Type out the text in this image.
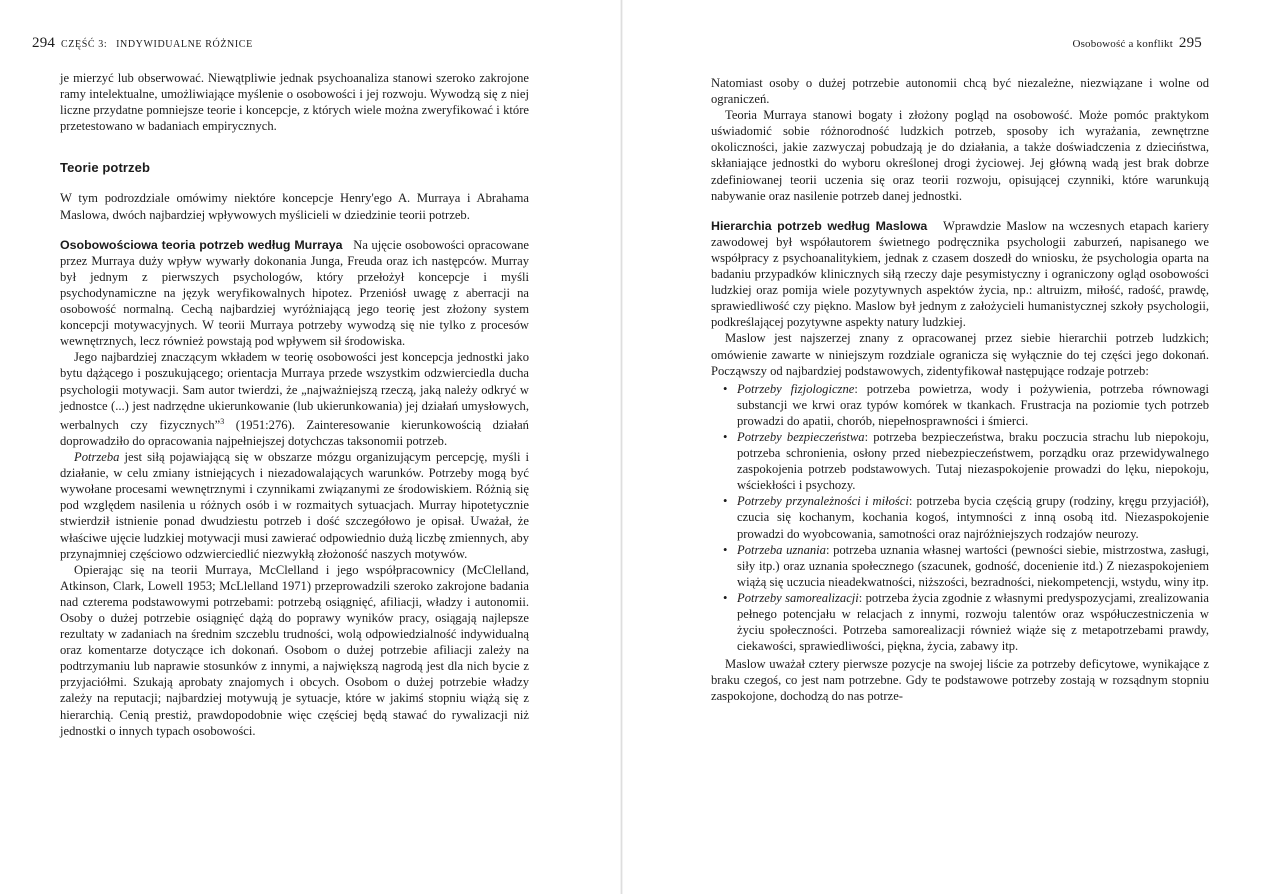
294 CZĘŚĆ 3: INDYWIDUALNE RÓŻNICE

je mierzyć lub obserwować. Niewątpliwie jednak psychoanaliza stanowi szeroko zakrojone ramy intelektualne, umożliwiające myślenie o osobowości i jej rozwoju. Wywodzą się z niej liczne przydatne pomniejsze teorie i koncepcje, z których wiele można zweryfikować i które przetestowano w badaniach empirycznych.

Teorie potrzeb

W tym podrozdziale omówimy niektóre koncepcje Henry'ego A. Murraya i Abrahama Maslowa, dwóch najbardziej wpływowych myślicieli w dziedzinie teorii potrzeb.

Osobowościowa teoria potrzeb według Murraya Na ujęcie osobowości opracowane przez Murraya duży wpływ wywarły dokonania Junga, Freuda oraz ich następców. Murray był jednym z pierwszych psychologów, który przełożył koncepcje i myśli psychodynamiczne na język weryfikowalnych hipotez. Przeniósł uwagę z aberracji na osobowość normalną. Cechą najbardziej wyróżniającą jego teorię jest złożony system koncepcji motywacyjnych. W teorii Murraya potrzeby wywodzą się nie tylko z procesów wewnętrznych, lecz również powstają pod wpływem sił środowiska.

Jego najbardziej znaczącym wkładem w teorię osobowości jest koncepcja jednostki jako bytu dążącego i poszukującego; orientacja Murraya przede wszystkim odzwierciedla ducha psychologii motywacji. Sam autor twierdzi, że „najważniejszą rzeczą, jaką należy odkryć w jednostce (...) jest nadrzędne ukierunkowanie (lub ukierunkowania) jej działań umysłowych, werbalnych czy fizycznych”$^3$ (1951:276). Zainteresowanie kierunkowością działań doprowadziło do opracowania najpełniejszej dotychczas taksonomii potrzeb.

Potrzeba jest siłą pojawiającą się w obszarze mózgu organizującym percepcję, myśli i działanie, w celu zmiany istniejących i niezadowalających warunków. Potrzeby mogą być wywołane procesami wewnętrznymi i czynnikami związanymi ze środowiskiem. Różnią się pod względem nasilenia u różnych osób i w rozmaitych sytuacjach. Murray hipotetycznie stwierdził istnienie ponad dwudziestu potrzeb i dość szczegółowo je opisał. Uważał, że właściwe ujęcie ludzkiej motywacji musi zawierać odpowiednio dużą liczbę zmiennych, aby przynajmniej częściowo odzwierciedlić niezwykłą złożoność naszych motywów.

Opierając się na teorii Murraya, McClelland i jego współpracownicy (McClelland, Atkinson, Clark, Lowell 1953; McLlelland 1971) przeprowadzili szeroko zakrojone badania nad czterema podstawowymi potrzebami: potrzebą osiągnięć, afiliacji, władzy i autonomii. Osoby o dużej potrzebie osiągnięć dążą do poprawy wyników pracy, osiągają najlepsze rezultaty w zadaniach na średnim szczeblu trudności, wolą odpowiedzialność indywidualną oraz komentarze dotyczące ich dokonań. Osobom o dużej potrzebie afiliacji zależy na podtrzymaniu lub naprawie stosunków z innymi, a największą nagrodą jest dla nich bycie z przyjaciółmi. Szukają aprobaty znajomych i obcych. Osobom o dużej potrzebie władzy zależy na reputacji; najbardziej motywują je sytuacje, które w jakimś stopniu wiążą się z hierarchią. Cenią prestiż, prawdopodobnie więc częściej będą stawać do rywalizacji niż jednostki o innych typach osobowości.

Osobowość a konflikt 295

Natomiast osoby o dużej potrzebie autonomii chcą być niezależne, niezwiązane i wolne od ograniczeń.

Teoria Murraya stanowi bogaty i złożony pogląd na osobowość. Może pomóc praktykom uświadomić sobie różnorodność ludzkich potrzeb, sposoby ich wyrażania, zewnętrzne okoliczności, jakie zazwyczaj pobudzają je do działania, a także doświadczenia z dzieciństwa, skłaniające jednostki do wyboru określonej drogi życiowej. Jej główną wadą jest brak dobrze zdefiniowanej teorii uczenia się oraz teorii rozwoju, opisującej czynniki, które warunkują nabywanie oraz nasilenie potrzeb danej jednostki.

Hierarchia potrzeb według Maslowa Wprawdzie Maslow na wczesnych etapach kariery zawodowej był współautorem świetnego podręcznika psychologii zaburzeń, napisanego we współpracy z psychoanalitykiem, jednak z czasem doszedł do wniosku, że psychologia oparta na badaniu przypadków klinicznych siłą rzeczy daje pesymistyczny i ograniczony ogląd osobowości ludzkiej oraz pomija wiele pozytywnych aspektów życia, np.: altruizm, miłość, radość, prawdę, sprawiedliwość czy piękno. Maslow był jednym z założycieli humanistycznej szkoły psychologii, podkreślającej pozytywne aspekty natury ludzkiej.

Maslow jest najszerzej znany z opracowanej przez siebie hierarchii potrzeb ludzkich; omówienie zawarte w niniejszym rozdziale ogranicza się wyłącznie do tej części jego dokonań. Począwszy od najbardziej podstawowych, zidentyfikował następujące rodzaje potrzeb:

• Potrzeby fizjologiczne: potrzeba powietrza, wody i pożywienia, potrzeba równowagi substancji we krwi oraz typów komórek w tkankach. Frustracja na poziomie tych potrzeb prowadzi do apatii, chorób, niepełnosprawności i śmierci.
• Potrzeby bezpieczeństwa: potrzeba bezpieczeństwa, braku poczucia strachu lub niepokoju, potrzeba schronienia, osłony przed niebezpieczeństwem, porządku oraz przewidywalnego zaspokojenia potrzeb podstawowych. Tutaj niezaspokojenie prowadzi do lęku, niepokoju, wściekłości i psychozy.
• Potrzeby przynależności i miłości: potrzeba bycia częścią grupy (rodziny, kręgu przyjaciół), czucia się kochanym, kochania kogoś, intymności z inną osobą itd. Niezaspokojenie prowadzi do wyobcowania, samotności oraz najróżniejszych rodzajów neurozy.
• Potrzeba uznania: potrzeba uznania własnej wartości (pewności siebie, mistrzostwa, zasługi, siły itp.) oraz uznania społecznego (szacunek, godność, docenienie itd.) Z niezaspokojeniem wiążą się uczucia nieadekwatności, niższości, bezradności, niekompetencji, wstydu, winy itp.
• Potrzeby samorealizacji: potrzeba życia zgodnie z własnymi predyspozycjami, zrealizowania pełnego potencjału w relacjach z innymi, rozwoju talentów oraz współuczestniczenia w życiu społeczności. Potrzeba samorealizacji również wiąże się z metapotrzebami prawdy, ciekawości, sprawiedliwości, piękna, życia, zabawy itp.

Maslow uważał cztery pierwsze pozycje na swojej liście za potrzeby deficytowe, wynikające z braku czegoś, co jest nam potrzebne. Gdy te podstawowe potrzeby zostają w rozsądnym stopniu zaspokojone, dochodzą do nas potrze-
